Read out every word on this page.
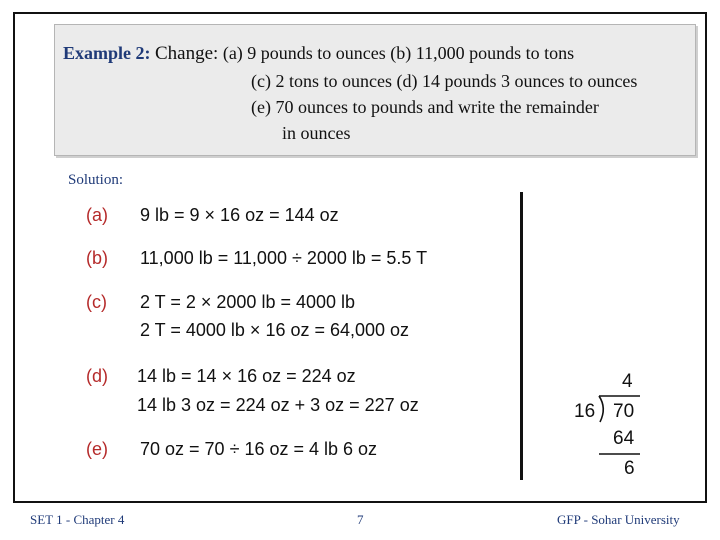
Example 2: Change: (a) 9 pounds to ounces (b) 11,000 pounds to tons
(c) 2 tons to ounces (d) 14 pounds 3 ounces to ounces
(e) 70 ounces to pounds and write the remainder
in ounces
Solution:
(a) 9 lb = 9 × 16 oz = 144 oz
(b) 11,000 lb = 11,000 ÷ 2000 lb = 5.5 T
(c) 2 T = 2 × 2000 lb = 4000 lb
2 T = 4000 lb × 16 oz = 64,000 oz
(d) 14 lb = 14 × 16 oz = 224 oz
14 lb 3 oz = 224 oz + 3 oz = 227 oz
(e) 70 oz = 70 ÷ 16 oz = 4 lb 6 oz
4
16 70
64
6
SET 1 - Chapter 4	7	GFP - Sohar University
